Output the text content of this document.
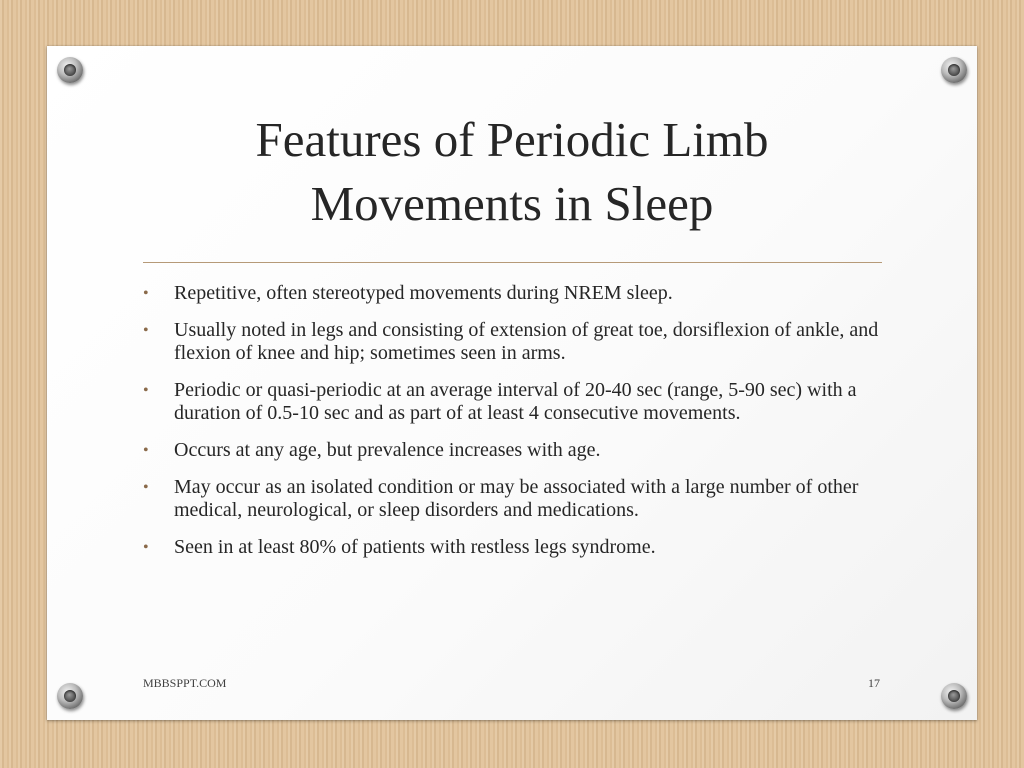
Features of Periodic Limb
Movements in Sleep
• Repetitive, often stereotyped movements during NREM sleep.
• Usually noted in legs and consisting of extension of great toe, dorsiflexion of ankle, and flexion of knee and hip; sometimes seen in arms.
• Periodic or quasi-periodic at an average interval of 20-40 sec (range, 5-90 sec) with a duration of 0.5-10 sec and as part of at least 4 consecutive movements.
• Occurs at any age, but prevalence increases with age.
• May occur as an isolated condition or may be associated with a large number of other medical, neurological, or sleep disorders and medications.
• Seen in at least 80% of patients with restless legs syndrome.
MBBSPPT.COM	17
